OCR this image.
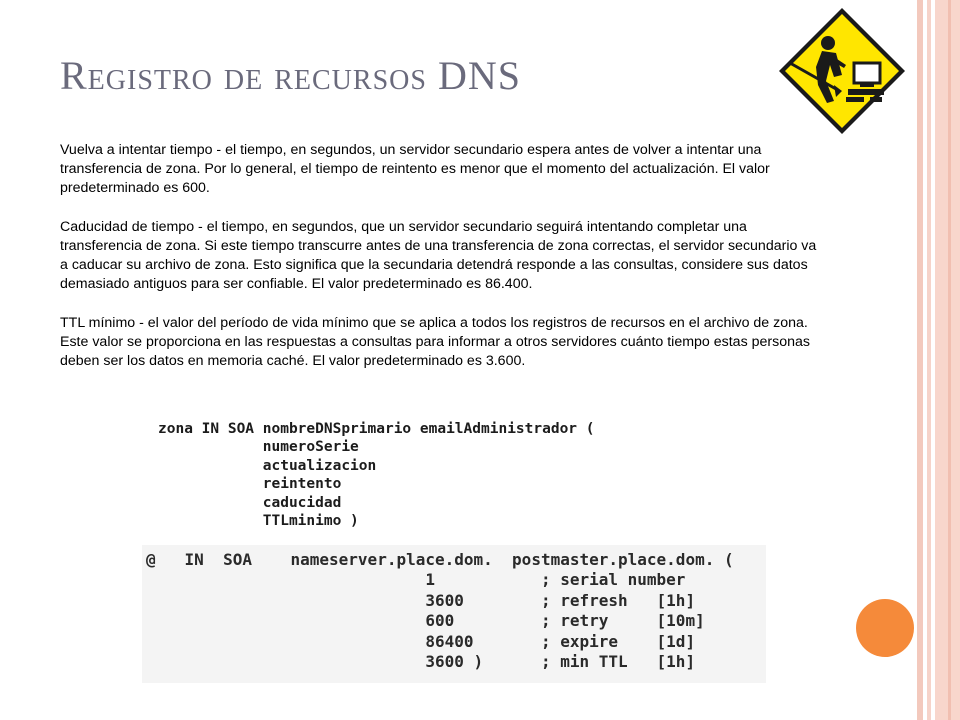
Registro de recursos DNS

Vuelva a intentar tiempo - el tiempo, en segundos, un servidor secundario espera antes de volver a intentar una transferencia de zona. Por lo general, el tiempo de reintento es menor que el momento del actualización. El valor predeterminado es 600.

Caducidad de tiempo - el tiempo, en segundos, que un servidor secundario seguirá intentando completar una transferencia de zona. Si este tiempo transcurre antes de una transferencia de zona correctas, el servidor secundario va a caducar su archivo de zona. Esto significa que la secundaria detendrá responde a las consultas, considere sus datos demasiado antiguos para ser confiable. El valor predeterminado es 86.400.

TTL mínimo - el valor del período de vida mínimo que se aplica a todos los registros de recursos en el archivo de zona. Este valor se proporciona en las respuestas a consultas para informar a otros servidores cuánto tiempo estas personas deben ser los datos en memoria caché. El valor predeterminado es 3.600.

zona IN SOA nombreDNSprimario emailAdministrador (
numeroSerie
actualizacion
reintento
caducidad
TTLminimo )
@   IN  SOA    nameserver.place.dom.  postmaster.place.dom. (
1           ; serial number
3600        ; refresh   [1h]
600         ; retry     [10m]
86400       ; expire    [1d]
3600 )      ; min TTL   [1h]
